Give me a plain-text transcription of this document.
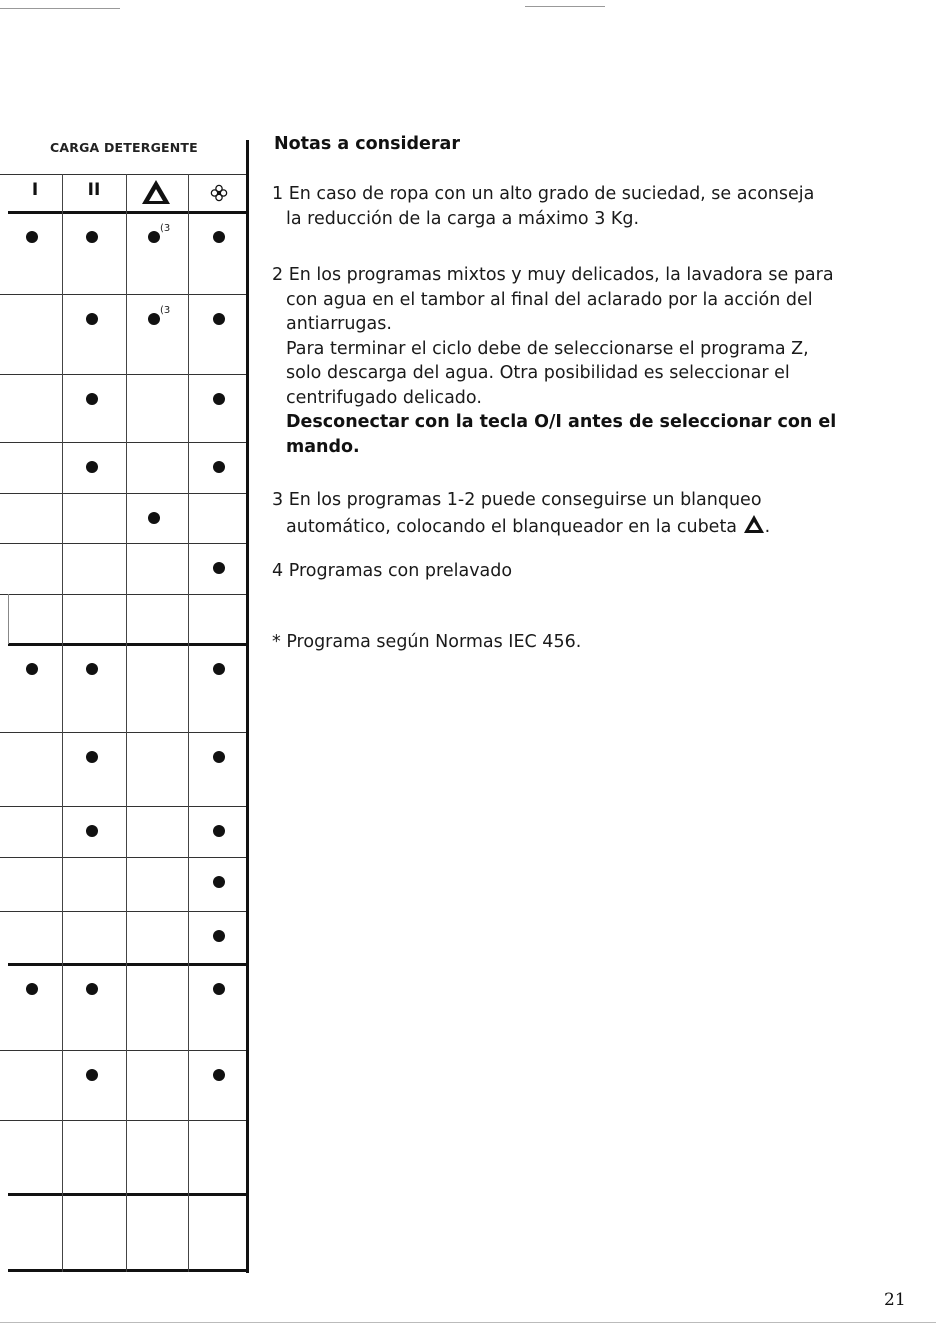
CARGA DETERGENTE	Notas a considerar
1 En caso de ropa con un alto grado de suciedad, se aconseja
la reducción de la carga a máximo 3 Kg.
2 En los programas mixtos y muy delicados, la lavadora se para
con agua en el tambor al final del aclarado por la acción del
antiarrugas.
Para terminar el ciclo debe de seleccionarse el programa Z,
solo descarga del agua. Otra posibilidad es seleccionar el
centrifugado delicado.
Desconectar con la tecla O/I antes de seleccionar con el
mando.
3 En los programas 1-2 puede conseguirse un blanqueo
automático, colocando el blanqueador en la cubeta .
4 Programas con prelavado
* Programa según Normas IEC 456.
21
I	II
(3
(3
